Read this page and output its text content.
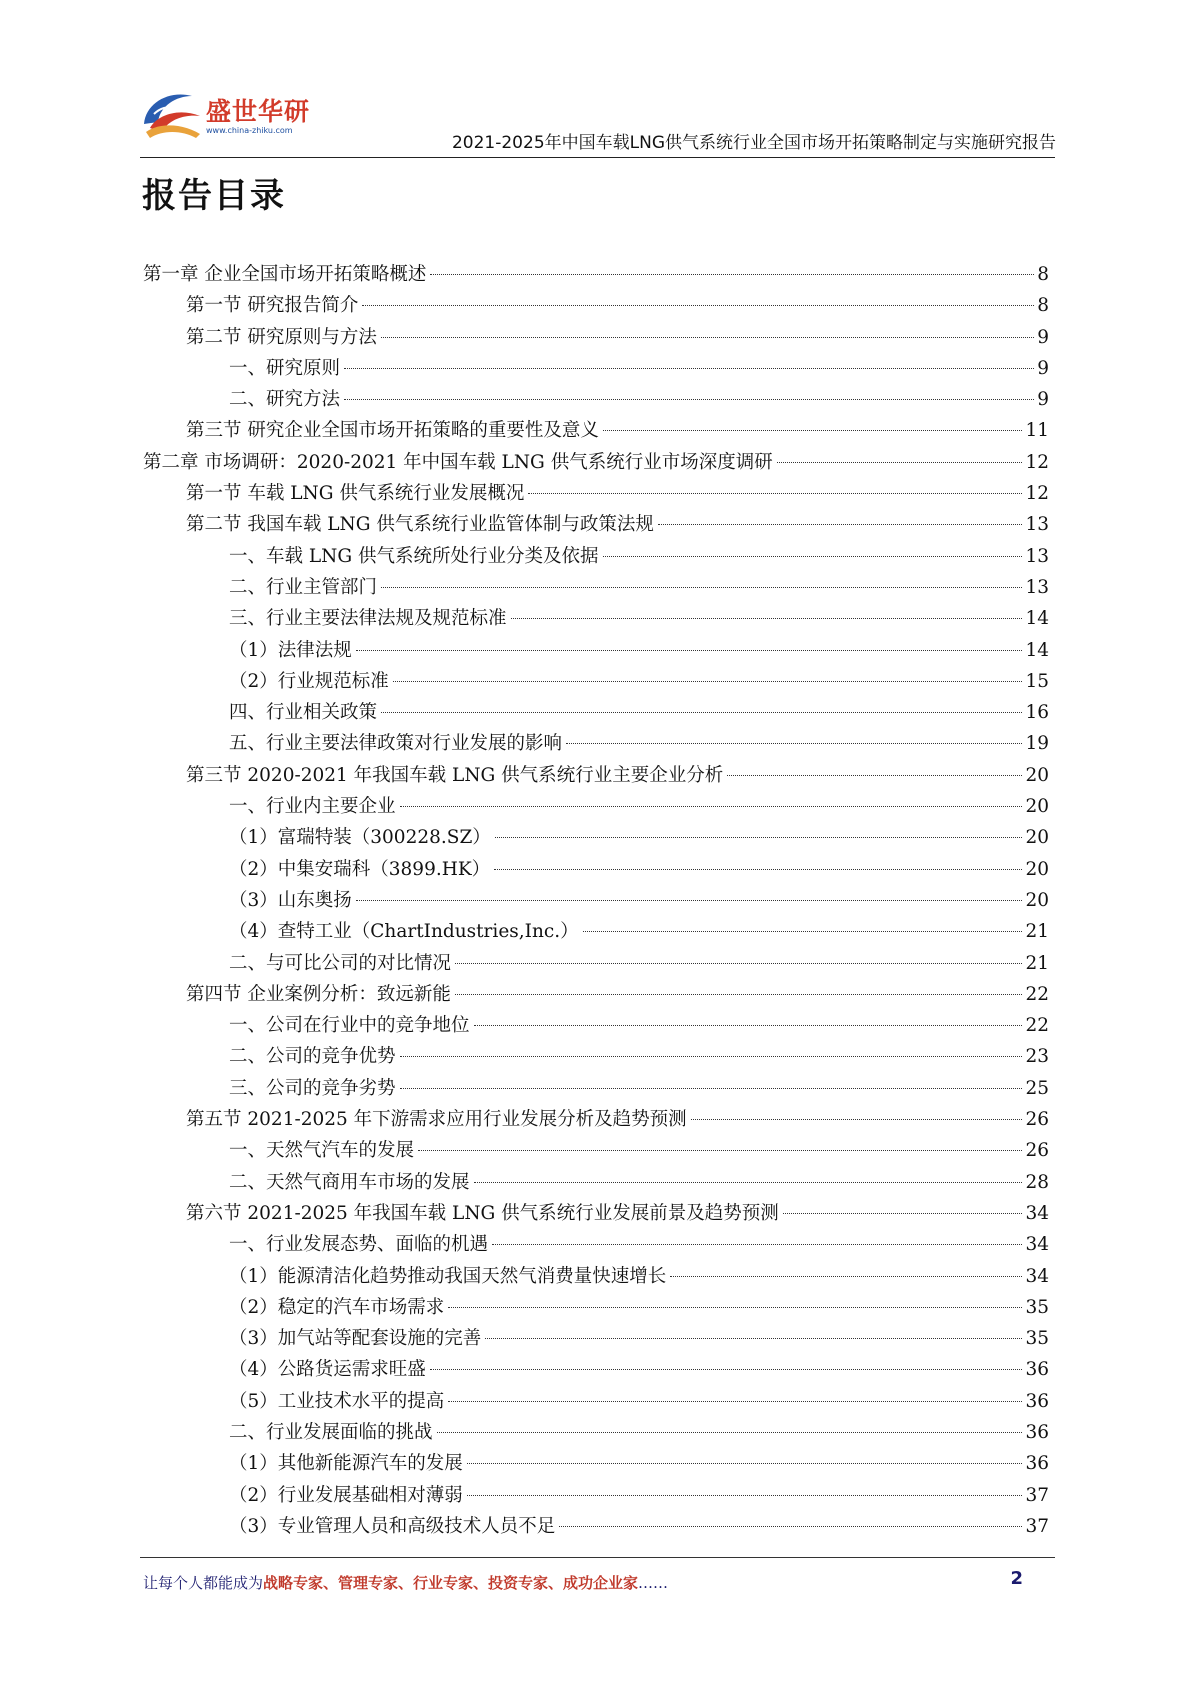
盛世华研
www.china-zhiku.com
2021-2025年中国车载LNG供气系统行业全国市场开拓策略制定与实施研究报告
报告目录
第一章 企业全国市场开拓策略概述	8
第一节 研究报告简介	8
第二节 研究原则与方法	9
一、研究原则	9
二、研究方法	9
第三节 研究企业全国市场开拓策略的重要性及意义	11
第二章 市场调研：2020-2021 年中国车载 LNG 供气系统行业市场深度调研	12
第一节 车载 LNG 供气系统行业发展概况	12
第二节 我国车载 LNG 供气系统行业监管体制与政策法规	13
一、车载 LNG 供气系统所处行业分类及依据	13
二、行业主管部门	13
三、行业主要法律法规及规范标准	14
（1）法律法规	14
（2）行业规范标准	15
四、行业相关政策	16
五、行业主要法律政策对行业发展的影响	19
第三节 2020-2021 年我国车载 LNG 供气系统行业主要企业分析	20
一、行业内主要企业	20
（1）富瑞特装（300228.SZ）	20
（2）中集安瑞科（3899.HK）	20
（3）山东奥扬	20
（4）查特工业（ChartIndustries,Inc.）	21
二、与可比公司的对比情况	21
第四节 企业案例分析：致远新能	22
一、公司在行业中的竞争地位	22
二、公司的竞争优势	23
三、公司的竞争劣势	25
第五节 2021-2025 年下游需求应用行业发展分析及趋势预测	26
一、天然气汽车的发展	26
二、天然气商用车市场的发展	28
第六节 2021-2025 年我国车载 LNG 供气系统行业发展前景及趋势预测	34
一、行业发展态势、面临的机遇	34
（1）能源清洁化趋势推动我国天然气消费量快速增长	34
（2）稳定的汽车市场需求	35
（3）加气站等配套设施的完善	35
（4）公路货运需求旺盛	36
（5）工业技术水平的提高	36
二、行业发展面临的挑战	36
（1）其他新能源汽车的发展	36
（2）行业发展基础相对薄弱	37
（3）专业管理人员和高级技术人员不足	37
让每个人都能成为战略专家、管理专家、行业专家、投资专家、成功企业家……	2
